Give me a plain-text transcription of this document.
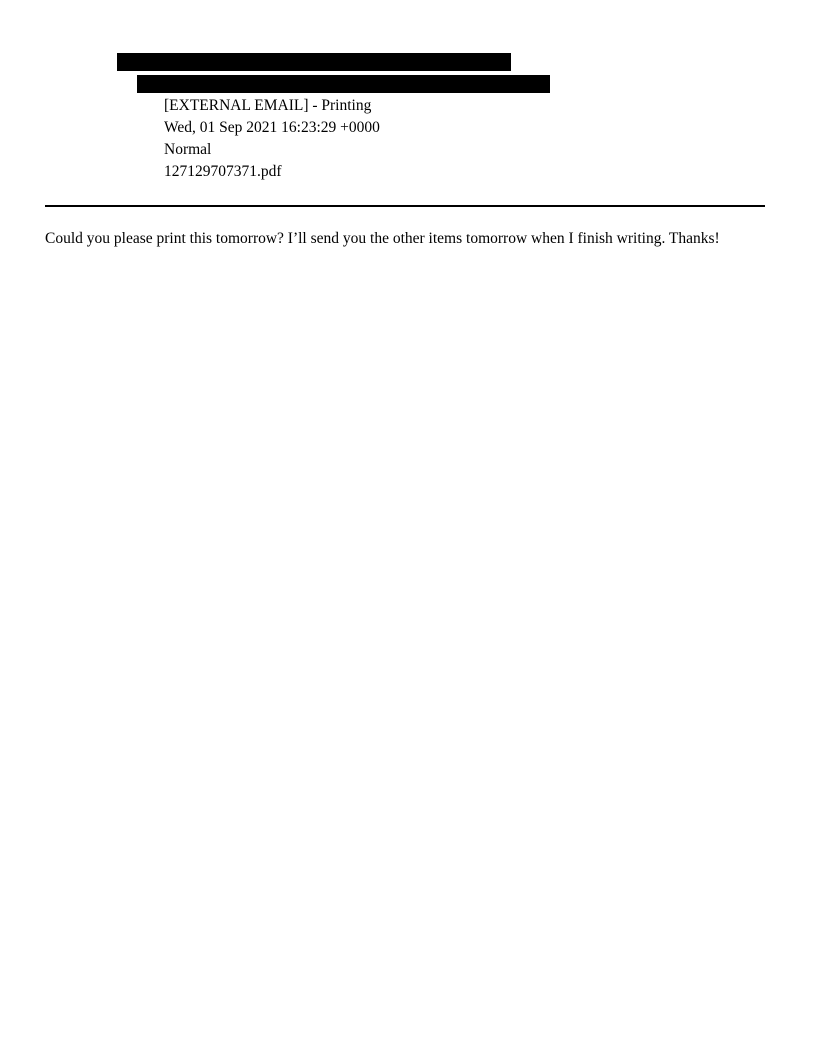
[EXTERNAL EMAIL] - Printing
Wed, 01 Sep 2021 16:23:29 +0000
Normal
127129707371.pdf
Could you please print this tomorrow? I’ll send you the other items tomorrow when I finish writing. Thanks!
